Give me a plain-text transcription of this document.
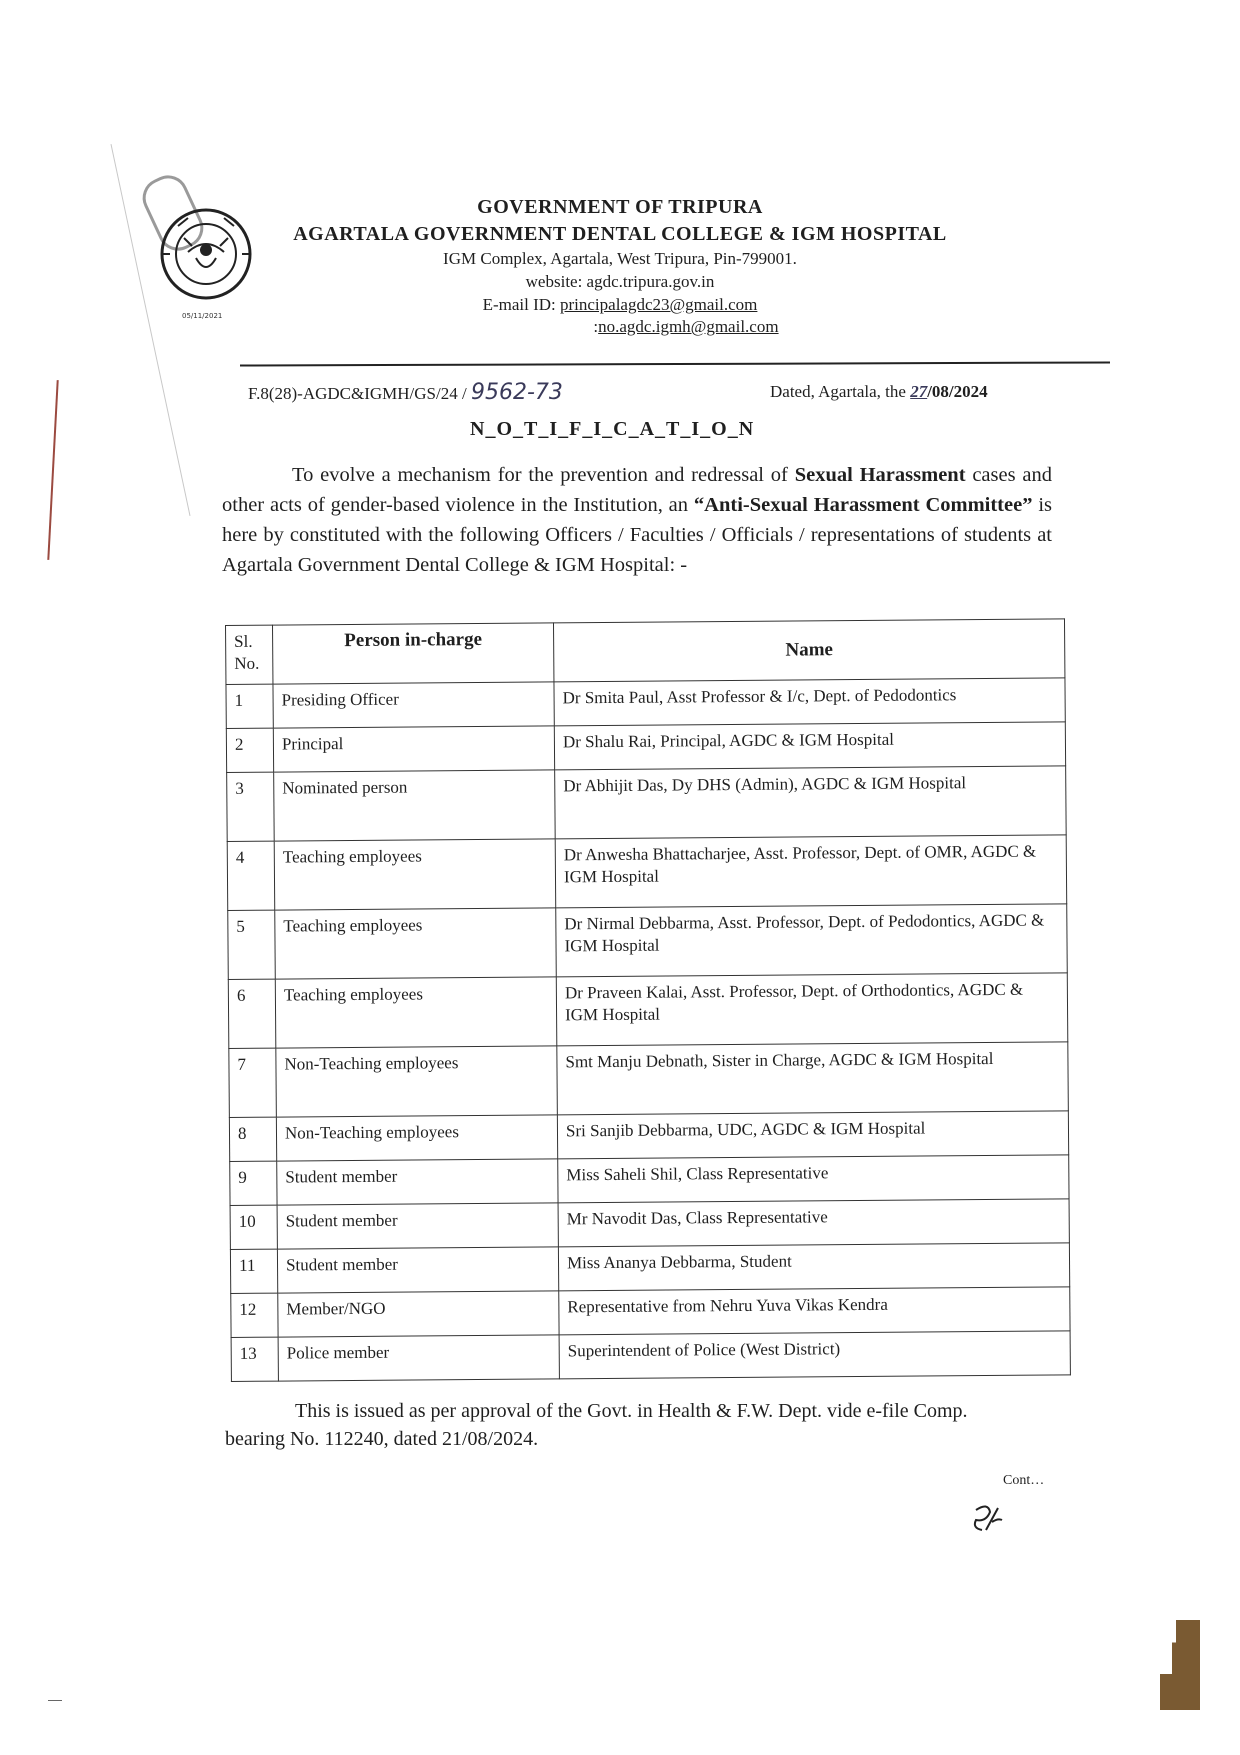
05/11/2021
GOVERNMENT OF TRIPURA
AGARTALA GOVERNMENT DENTAL COLLEGE & IGM HOSPITAL
IGM Complex, Agartala, West Tripura, Pin-799001.
website: agdc.tripura.gov.in
E-mail ID: principalagdc23@gmail.com
:no.agdc.igmh@gmail.com
F.8(28)-AGDC&IGMH/GS/24 / 9562-73	Dated, Agartala, the 27/08/2024
N_O_T_I_F_I_C_A_T_I_O_N
To evolve a mechanism for the prevention and redressal of Sexual Harassment cases and other acts of gender-based violence in the Institution, an “Anti-Sexual Harassment Committee” is here by constituted with the following Officers / Faculties / Officials / representations of students at Agartala Government Dental College & IGM Hospital: -
Sl. No.	Person in-charge	Name
1	Presiding Officer	Dr Smita Paul, Asst Professor & I/c, Dept. of Pedodontics
2	Principal	Dr Shalu Rai, Principal, AGDC & IGM Hospital
3	Nominated person	Dr Abhijit Das, Dy DHS (Admin), AGDC & IGM Hospital
4	Teaching employees	Dr Anwesha Bhattacharjee, Asst. Professor, Dept. of OMR, AGDC & IGM Hospital
5	Teaching employees	Dr Nirmal Debbarma, Asst. Professor, Dept. of Pedodontics, AGDC & IGM Hospital
6	Teaching employees	Dr Praveen Kalai, Asst. Professor, Dept. of Orthodontics, AGDC & IGM Hospital
7	Non-Teaching employees	Smt Manju Debnath, Sister in Charge, AGDC & IGM Hospital
8	Non-Teaching employees	Sri Sanjib Debbarma, UDC, AGDC & IGM Hospital
9	Student member	Miss Saheli Shil, Class Representative
10	Student member	Mr Navodit Das, Class Representative
11	Student member	Miss Ananya Debbarma, Student
12	Member/NGO	Representative from Nehru Yuva Vikas Kendra
13	Police member	Superintendent of Police (West District)
This is issued as per approval of the Govt. in Health & F.W. Dept. vide e-file Comp. bearing No. 112240, dated 21/08/2024.
Cont…
